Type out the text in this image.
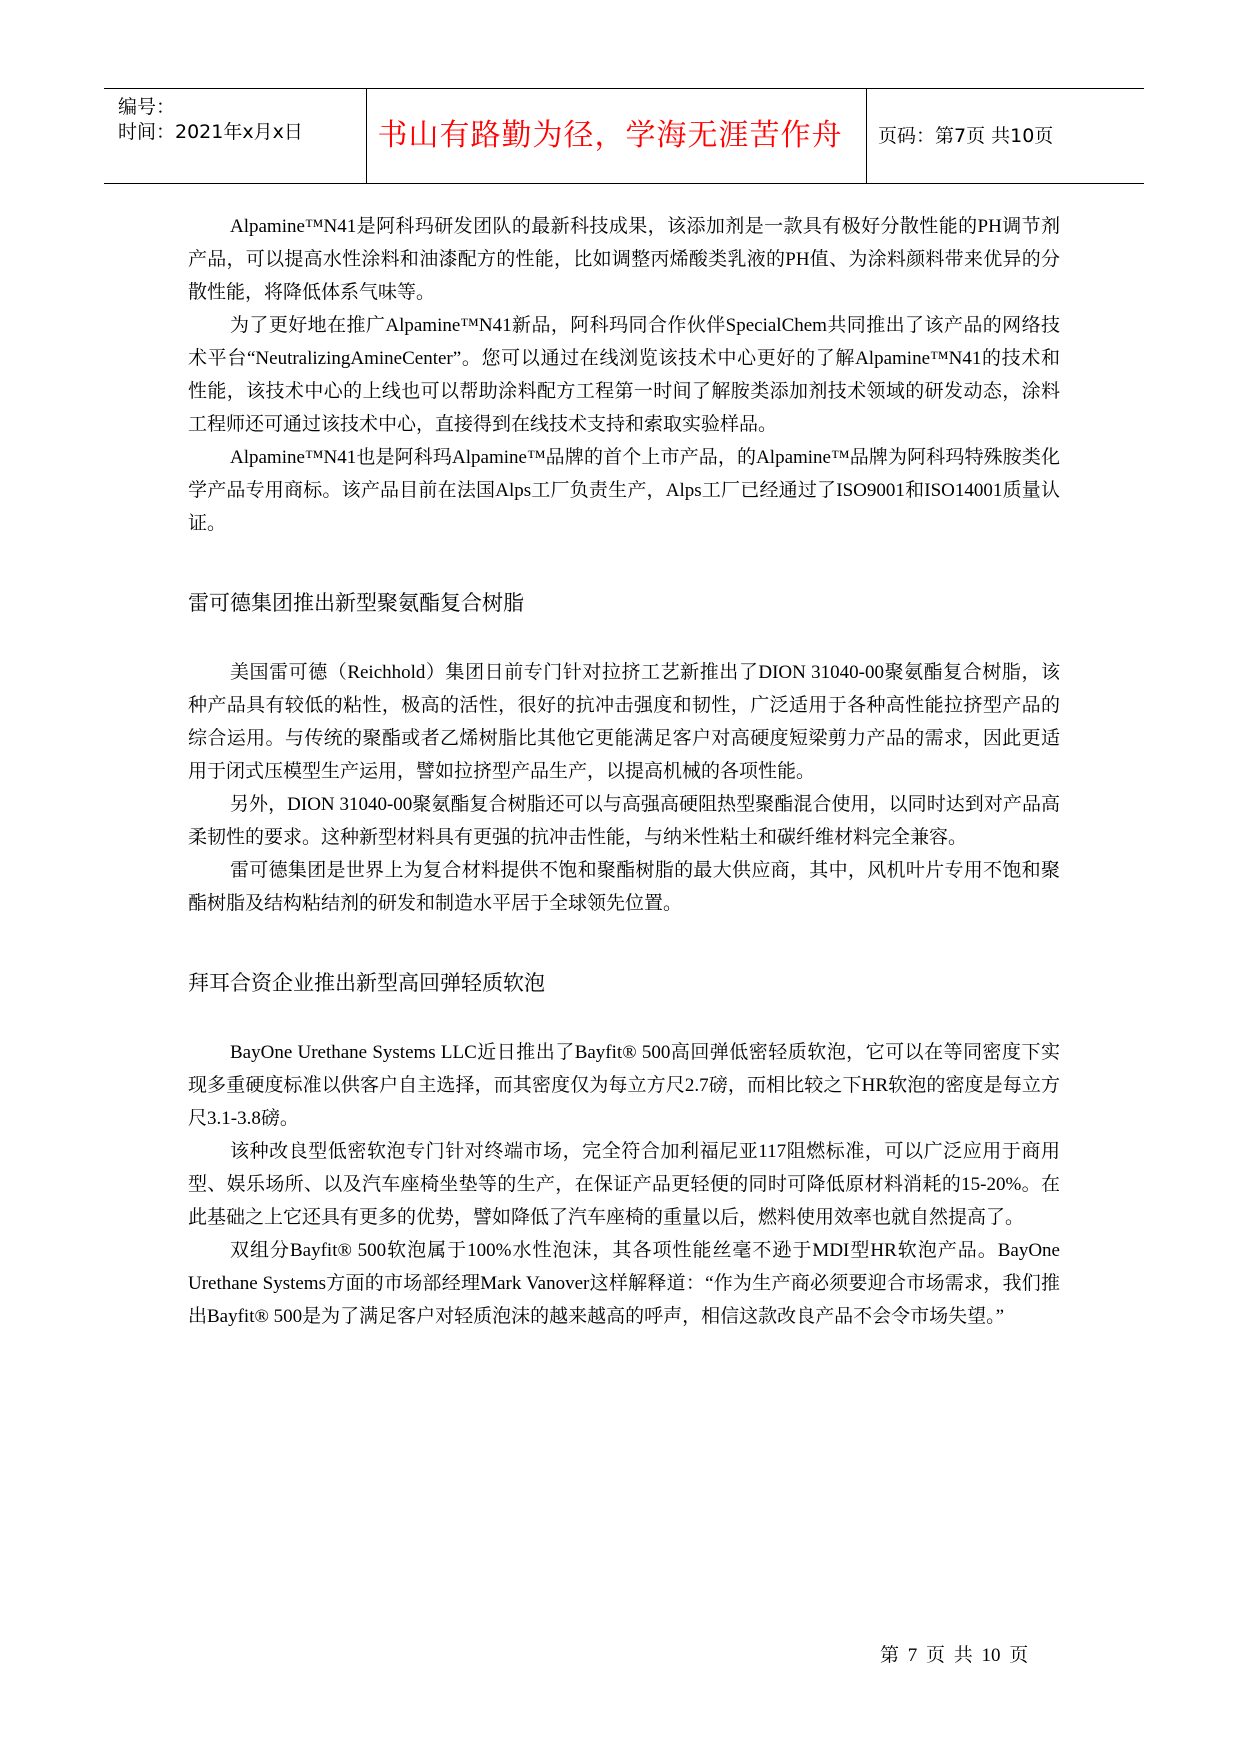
编号：
时间：2021年x月x日	书山有路勤为径，学海无涯苦作舟	页码：第7页 共10页

Alpamine™N41是阿科玛研发团队的最新科技成果，该添加剂是一款具有极好分散性能的PH调节剂产品，可以提高水性涂料和油漆配方的性能，比如调整丙烯酸类乳液的PH值、为涂料颜料带来优异的分散性能，将降低体系气味等。

为了更好地在推广Alpamine™N41新品，阿科玛同合作伙伴SpecialChem共同推出了该产品的网络技术平台“NeutralizingAmineCenter”。您可以通过在线浏览该技术中心更好的了解Alpamine™N41的技术和性能，该技术中心的上线也可以帮助涂料配方工程第一时间了解胺类添加剂技术领域的研发动态，涂料工程师还可通过该技术中心，直接得到在线技术支持和索取实验样品。

Alpamine™N41也是阿科玛Alpamine™品牌的首个上市产品，的Alpamine™品牌为阿科玛特殊胺类化学产品专用商标。该产品目前在法国Alps工厂负责生产，Alps工厂已经通过了ISO9001和ISO14001质量认证。

雷可德集团推出新型聚氨酯复合树脂

美国雷可德（Reichhold）集团日前专门针对拉挤工艺新推出了DION 31040-00聚氨酯复合树脂，该种产品具有较低的粘性，极高的活性，很好的抗冲击强度和韧性，广泛适用于各种高性能拉挤型产品的综合运用。与传统的聚酯或者乙烯树脂比其他它更能满足客户对高硬度短梁剪力产品的需求，因此更适用于闭式压模型生产运用，譬如拉挤型产品生产，以提高机械的各项性能。

另外，DION 31040-00聚氨酯复合树脂还可以与高强高硬阻热型聚酯混合使用，以同时达到对产品高柔韧性的要求。这种新型材料具有更强的抗冲击性能，与纳米性粘土和碳纤维材料完全兼容。

雷可德集团是世界上为复合材料提供不饱和聚酯树脂的最大供应商，其中，风机叶片专用不饱和聚酯树脂及结构粘结剂的研发和制造水平居于全球领先位置。

拜耳合资企业推出新型高回弹轻质软泡

BayOne Urethane Systems LLC近日推出了Bayfit® 500高回弹低密轻质软泡，它可以在等同密度下实现多重硬度标准以供客户自主选择，而其密度仅为每立方尺2.7磅，而相比较之下HR软泡的密度是每立方尺3.1-3.8磅。

该种改良型低密软泡专门针对终端市场，完全符合加利福尼亚117阻燃标准，可以广泛应用于商用型、娱乐场所、以及汽车座椅坐垫等的生产，在保证产品更轻便的同时可降低原材料消耗的15-20%。在此基础之上它还具有更多的优势，譬如降低了汽车座椅的重量以后，燃料使用效率也就自然提高了。

双组分Bayfit® 500软泡属于100%水性泡沫，其各项性能丝毫不逊于MDI型HR软泡产品。BayOne Urethane Systems方面的市场部经理Mark Vanover这样解释道：“作为生产商必须要迎合市场需求，我们推出Bayfit® 500是为了满足客户对轻质泡沫的越来越高的呼声，相信这款改良产品不会令市场失望。”

第 7 页 共 10 页
